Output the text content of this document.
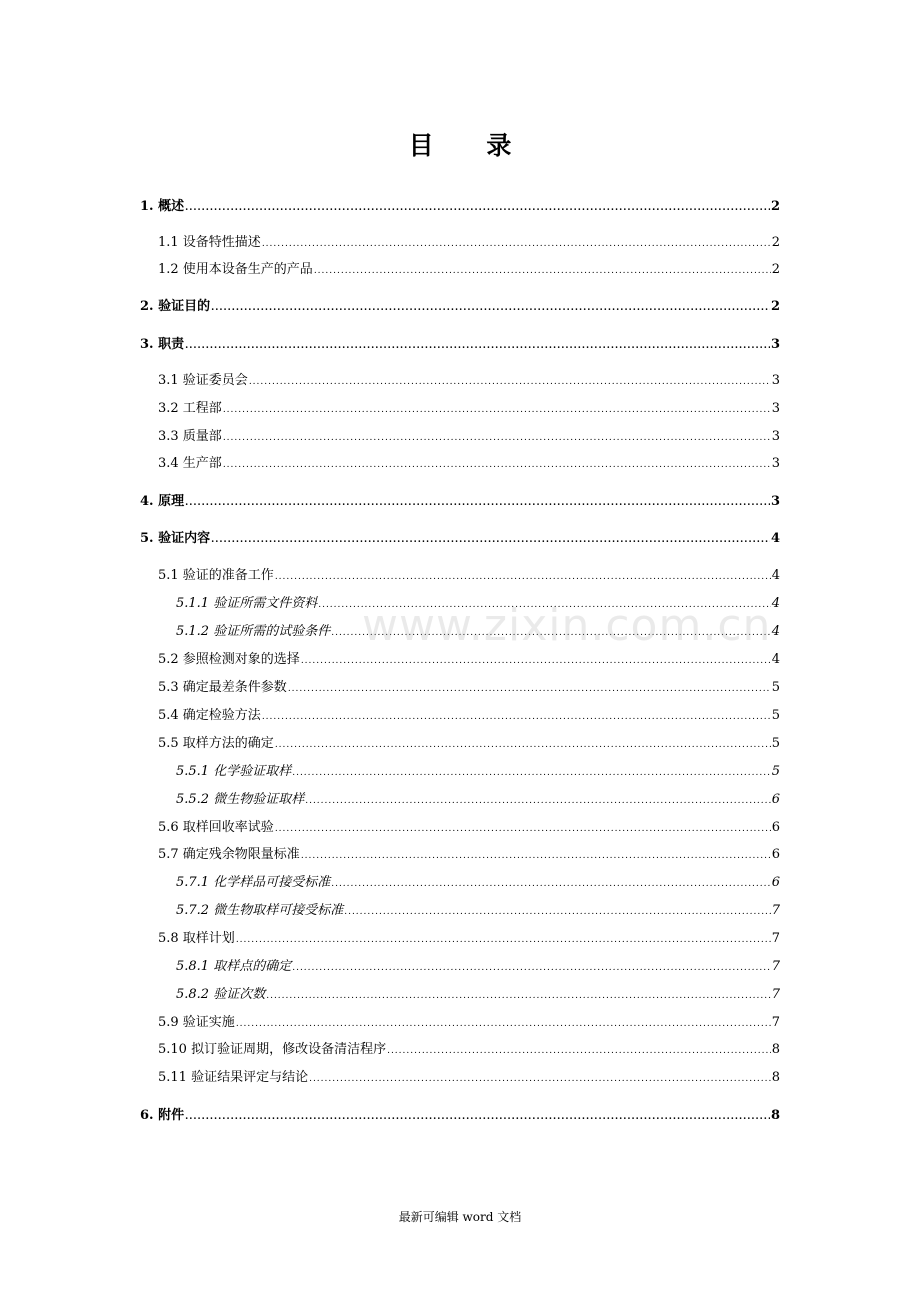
目 录
1. 概述 .....	2
1.1 设备特性描述 .....	2
1.2 使用本设备生产的产品 .....	2
2. 验证目的 .....	2
3. 职责 .....	3
3.1 验证委员会 .....	3
3.2 工程部 .....	3
3.3 质量部 .....	3
3.4 生产部 .....	3
4. 原理 .....	3
5. 验证内容 .....	4
5.1 验证的准备工作 .....	4
5.1.1 验证所需文件资料 .....	4
5.1.2 验证所需的试验条件 .....	4
5.2 参照检测对象的选择 .....	4
5.3 确定最差条件参数 .....	5
5.4 确定检验方法 .....	5
5.5 取样方法的确定 .....	5
5.5.1 化学验证取样 .....	5
5.5.2 微生物验证取样 .....	6
5.6 取样回收率试验 .....	6
5.7 确定残余物限量标准 .....	6
5.7.1 化学样品可接受标准 .....	6
5.7.2 微生物取样可接受标准 .....	7
5.8 取样计划 .....	7
5.8.1 取样点的确定 .....	7
5.8.2 验证次数 .....	7
5.9 验证实施 .....	7
5.10 拟订验证周期，修改设备清洁程序 .....	8
5.11 验证结果评定与结论 .....	8
6. 附件 .....	8
www.zixin.com.cn
最新可编辑 word 文档
